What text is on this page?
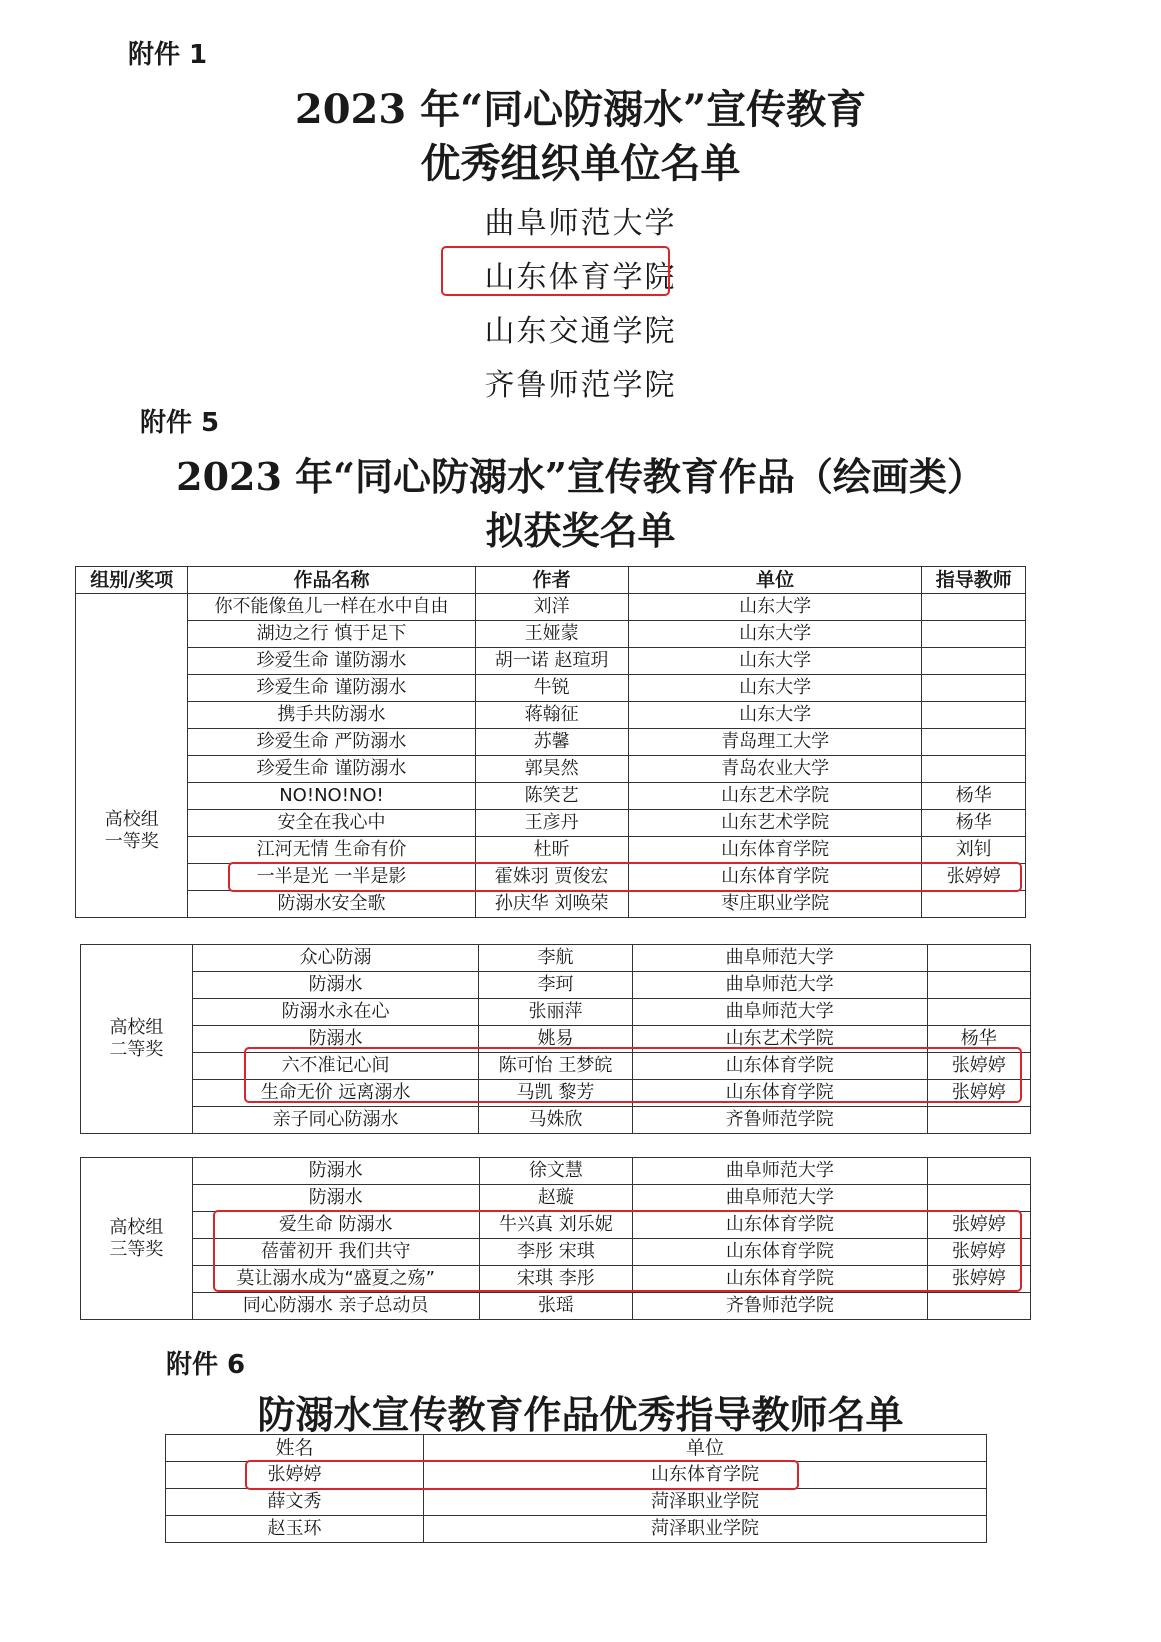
附件 1
2023 年“同心防溺水”宣传教育
优秀组织单位名单
曲阜师范大学
山东体育学院
山东交通学院
齐鲁师范学院
附件 5
2023 年“同心防溺水”宣传教育作品（绘画类）
拟获奖名单
组别/奖项	作品名称	作者	单位	指导教师

高校组
一等奖	你不能像鱼儿一样在水中自由	刘洋	山东大学	
	湖边之行 慎于足下	王娅蒙	山东大学	
	珍爱生命 谨防溺水	胡一诺 赵瑄玥	山东大学	
	珍爱生命 谨防溺水	牛锐	山东大学	
	携手共防溺水	蒋翰征	山东大学	
	珍爱生命 严防溺水	苏馨	青岛理工大学	
	珍爱生命 谨防溺水	郭昊然	青岛农业大学	
	NO!NO!NO!	陈笑艺	山东艺术学院	杨华
	安全在我心中	王彦丹	山东艺术学院	杨华
	江河无情 生命有价	杜昕	山东体育学院	刘钊
	一半是光 一半是影	霍姝羽 贾俊宏	山东体育学院	张婷婷
	防溺水安全歌	孙庆华 刘唤荣	枣庄职业学院	
高校组
二等奖	众心防溺	李航	曲阜师范大学	
	防溺水	李珂	曲阜师范大学	
	防溺水永在心	张丽萍	曲阜师范大学	
	防溺水	姚易	山东艺术学院	杨华
	六不准记心间	陈可怡 王梦皖	山东体育学院	张婷婷
	生命无价 远离溺水	马凯 黎芳	山东体育学院	张婷婷
	亲子同心防溺水	马姝欣	齐鲁师范学院	
高校组
三等奖	防溺水	徐文慧	曲阜师范大学	
	防溺水	赵璇	曲阜师范大学	
	爱生命 防溺水	牛兴真 刘乐妮	山东体育学院	张婷婷
	蓓蕾初开 我们共守	李彤 宋琪	山东体育学院	张婷婷
	莫让溺水成为“盛夏之殇”	宋琪 李彤	山东体育学院	张婷婷
	同心防溺水 亲子总动员	张瑶	齐鲁师范学院	
附件 6
防溺水宣传教育作品优秀指导教师名单
姓名	单位
张婷婷	山东体育学院
薛文秀	菏泽职业学院
赵玉环	菏泽职业学院
